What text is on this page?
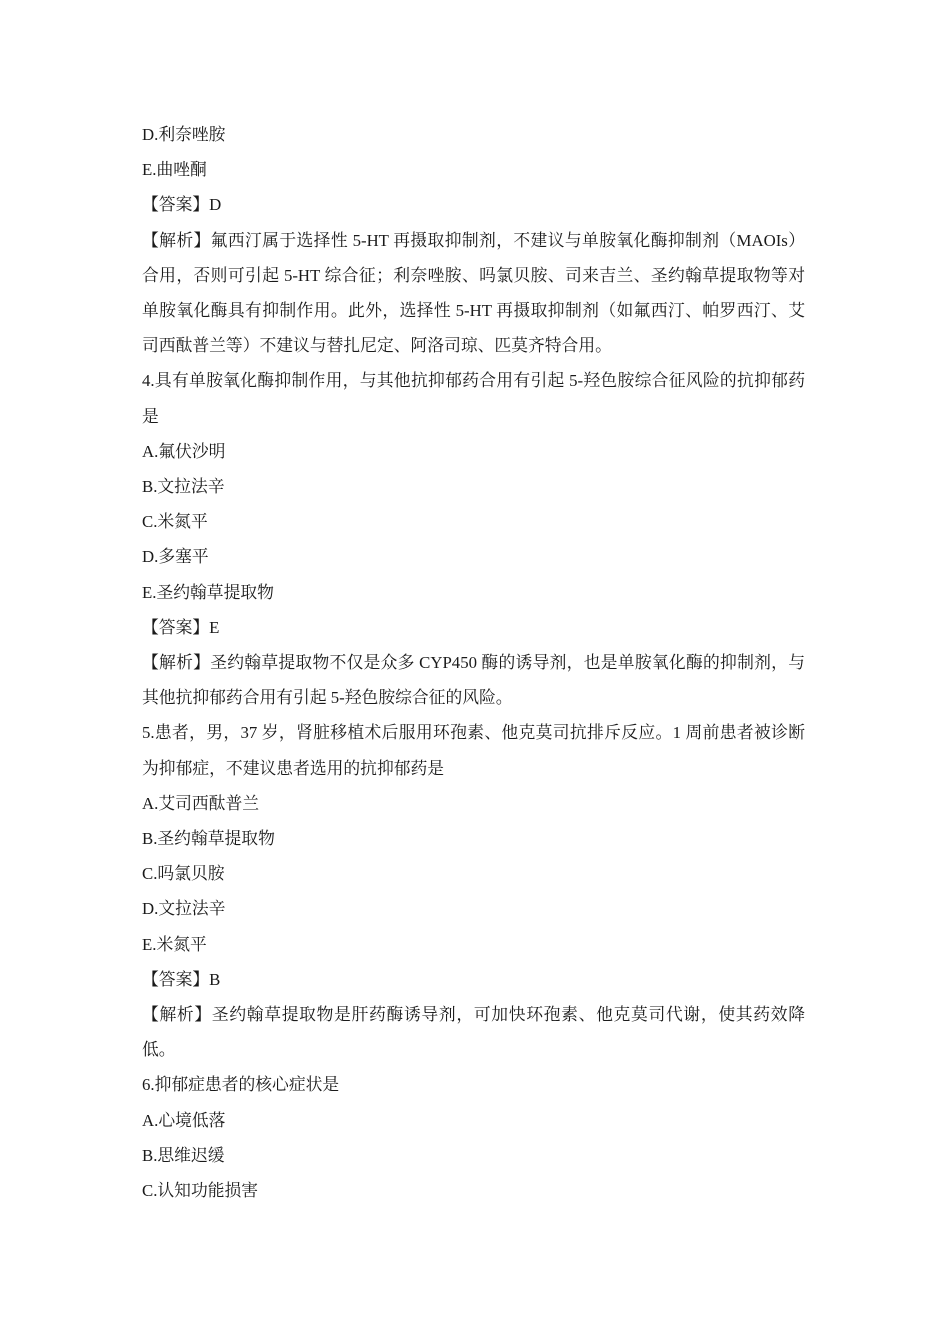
D.利奈唑胺

E.曲唑酮

【答案】D

【解析】氟西汀属于选择性 5-HT 再摄取抑制剂，不建议与单胺氧化酶抑制剂（MAOIs）合用，否则可引起 5-HT 综合征；利奈唑胺、吗氯贝胺、司来吉兰、圣约翰草提取物等对单胺氧化酶具有抑制作用。此外，选择性 5-HT 再摄取抑制剂（如氟西汀、帕罗西汀、艾司西酞普兰等）不建议与替扎尼定、阿洛司琼、匹莫齐特合用。

4.具有单胺氧化酶抑制作用，与其他抗抑郁药合用有引起 5-羟色胺综合征风险的抗抑郁药是

A.氟伏沙明

B.文拉法辛

C.米氮平

D.多塞平

E.圣约翰草提取物

【答案】E

【解析】圣约翰草提取物不仅是众多 CYP450 酶的诱导剂，也是单胺氧化酶的抑制剂，与其他抗抑郁药合用有引起 5-羟色胺综合征的风险。

5.患者，男，37 岁，肾脏移植术后服用环孢素、他克莫司抗排斥反应。1 周前患者被诊断为抑郁症，不建议患者选用的抗抑郁药是

A.艾司西酞普兰

B.圣约翰草提取物

C.吗氯贝胺

D.文拉法辛

E.米氮平

【答案】B

【解析】圣约翰草提取物是肝药酶诱导剂，可加快环孢素、他克莫司代谢，使其药效降低。

6.抑郁症患者的核心症状是

A.心境低落

B.思维迟缓

C.认知功能损害
